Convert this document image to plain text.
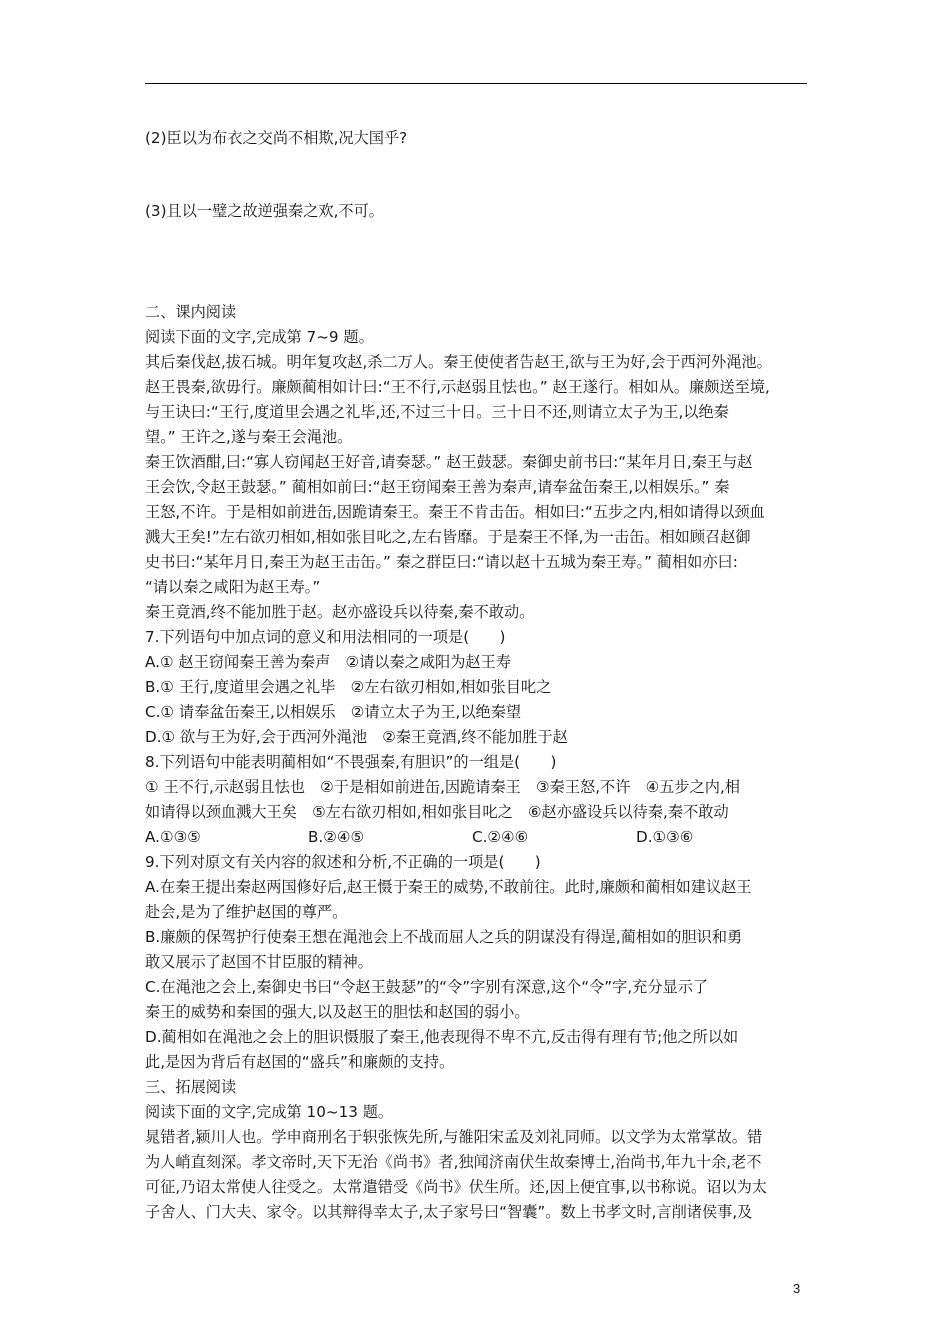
(2)臣以为布衣之交尚不相欺,况大国乎?
(3)且以一璧之故逆强秦之欢,不可。
二、课内阅读
阅读下面的文字,完成第 7~9 题。
其后秦伐赵,拔石城。明年复攻赵,杀二万人。秦王使使者告赵王,欲与王为好,会于西河外渑池。
赵王畏秦,欲毋行。廉颇蔺相如计曰:“王不行,示赵弱且怯也。” 赵王遂行。相如从。廉颇送至境,
与王诀曰:“王行,度道里会遇之礼毕,还,不过三十日。三十日不还,则请立太子为王,以绝秦
望。” 王许之,遂与秦王会渑池。
秦王饮酒酣,曰:“寡人窃闻赵王好音,请奏瑟。” 赵王鼓瑟。秦御史前书曰:“某年月日,秦王与赵
王会饮,令赵王鼓瑟。” 蔺相如前曰:“赵王窃闻秦王善为秦声,请奉盆缶秦王,以相娱乐。” 秦
王怒,不许。于是相如前进缶,因跪请秦王。秦王不肯击缶。相如曰:“五步之内,相如请得以颈血
溅大王矣!”左右欲刃相如,相如张目叱之,左右皆靡。于是秦王不怿,为一击缶。相如顾召赵御
史书曰:“某年月日,秦王为赵王击缶。” 秦之群臣曰:“请以赵十五城为秦王寿。” 蔺相如亦曰:
“请以秦之咸阳为赵王寿。”
秦王竟酒,终不能加胜于赵。赵亦盛设兵以待秦,秦不敢动。
7.下列语句中加点词的意义和用法相同的一项是(　　)
A.① 赵王窃闻秦王善为秦声　②请以秦之咸阳为赵王寿
B.① 王行,度道里会遇之礼毕　②左右欲刃相如,相如张目叱之
C.① 请奉盆缶秦王,以相娱乐　②请立太子为王,以绝秦望
D.① 欲与王为好,会于西河外渑池　②秦王竟酒,终不能加胜于赵
8.下列语句中能表明蔺相如“不畏强秦,有胆识”的一组是(　　)
① 王不行,示赵弱且怯也　②于是相如前进缶,因跪请秦王　③秦王怒,不许　④五步之内,相
如请得以颈血溅大王矣　⑤左右欲刃相如,相如张目叱之　⑥赵亦盛设兵以待秦,秦不敢动
A.①③⑤	B.②④⑤	C.②④⑥	D.①③⑥
9.下列对原文有关内容的叙述和分析,不正确的一项是(　　)
A.在秦王提出秦赵两国修好后,赵王慑于秦王的威势,不敢前往。此时,廉颇和蔺相如建议赵王
赴会,是为了维护赵国的尊严。
B.廉颇的保驾护行使秦王想在渑池会上不战而屈人之兵的阴谋没有得逞,蔺相如的胆识和勇
敢又展示了赵国不甘臣服的精神。
C.在渑池之会上,秦御史书曰“令赵王鼓瑟”的“令”字别有深意,这个“令”字,充分显示了
秦王的威势和秦国的强大,以及赵王的胆怯和赵国的弱小。
D.蔺相如在渑池之会上的胆识慑服了秦王,他表现得不卑不亢,反击得有理有节;他之所以如
此,是因为背后有赵国的“盛兵”和廉颇的支持。
三、拓展阅读
阅读下面的文字,完成第 10~13 题。
晁错者,颍川人也。学申商刑名于轵张恢先所,与雒阳宋孟及刘礼同师。以文学为太常掌故。错
为人峭直刻深。孝文帝时,天下无治《尚书》者,独闻济南伏生故秦博士,治尚书,年九十余,老不
可征,乃诏太常使人往受之。太常遣错受《尚书》伏生所。还,因上便宜事,以书称说。诏以为太
子舍人、门大夫、家令。以其辩得幸太子,太子家号曰“智囊”。数上书孝文时,言削诸侯事,及
3
